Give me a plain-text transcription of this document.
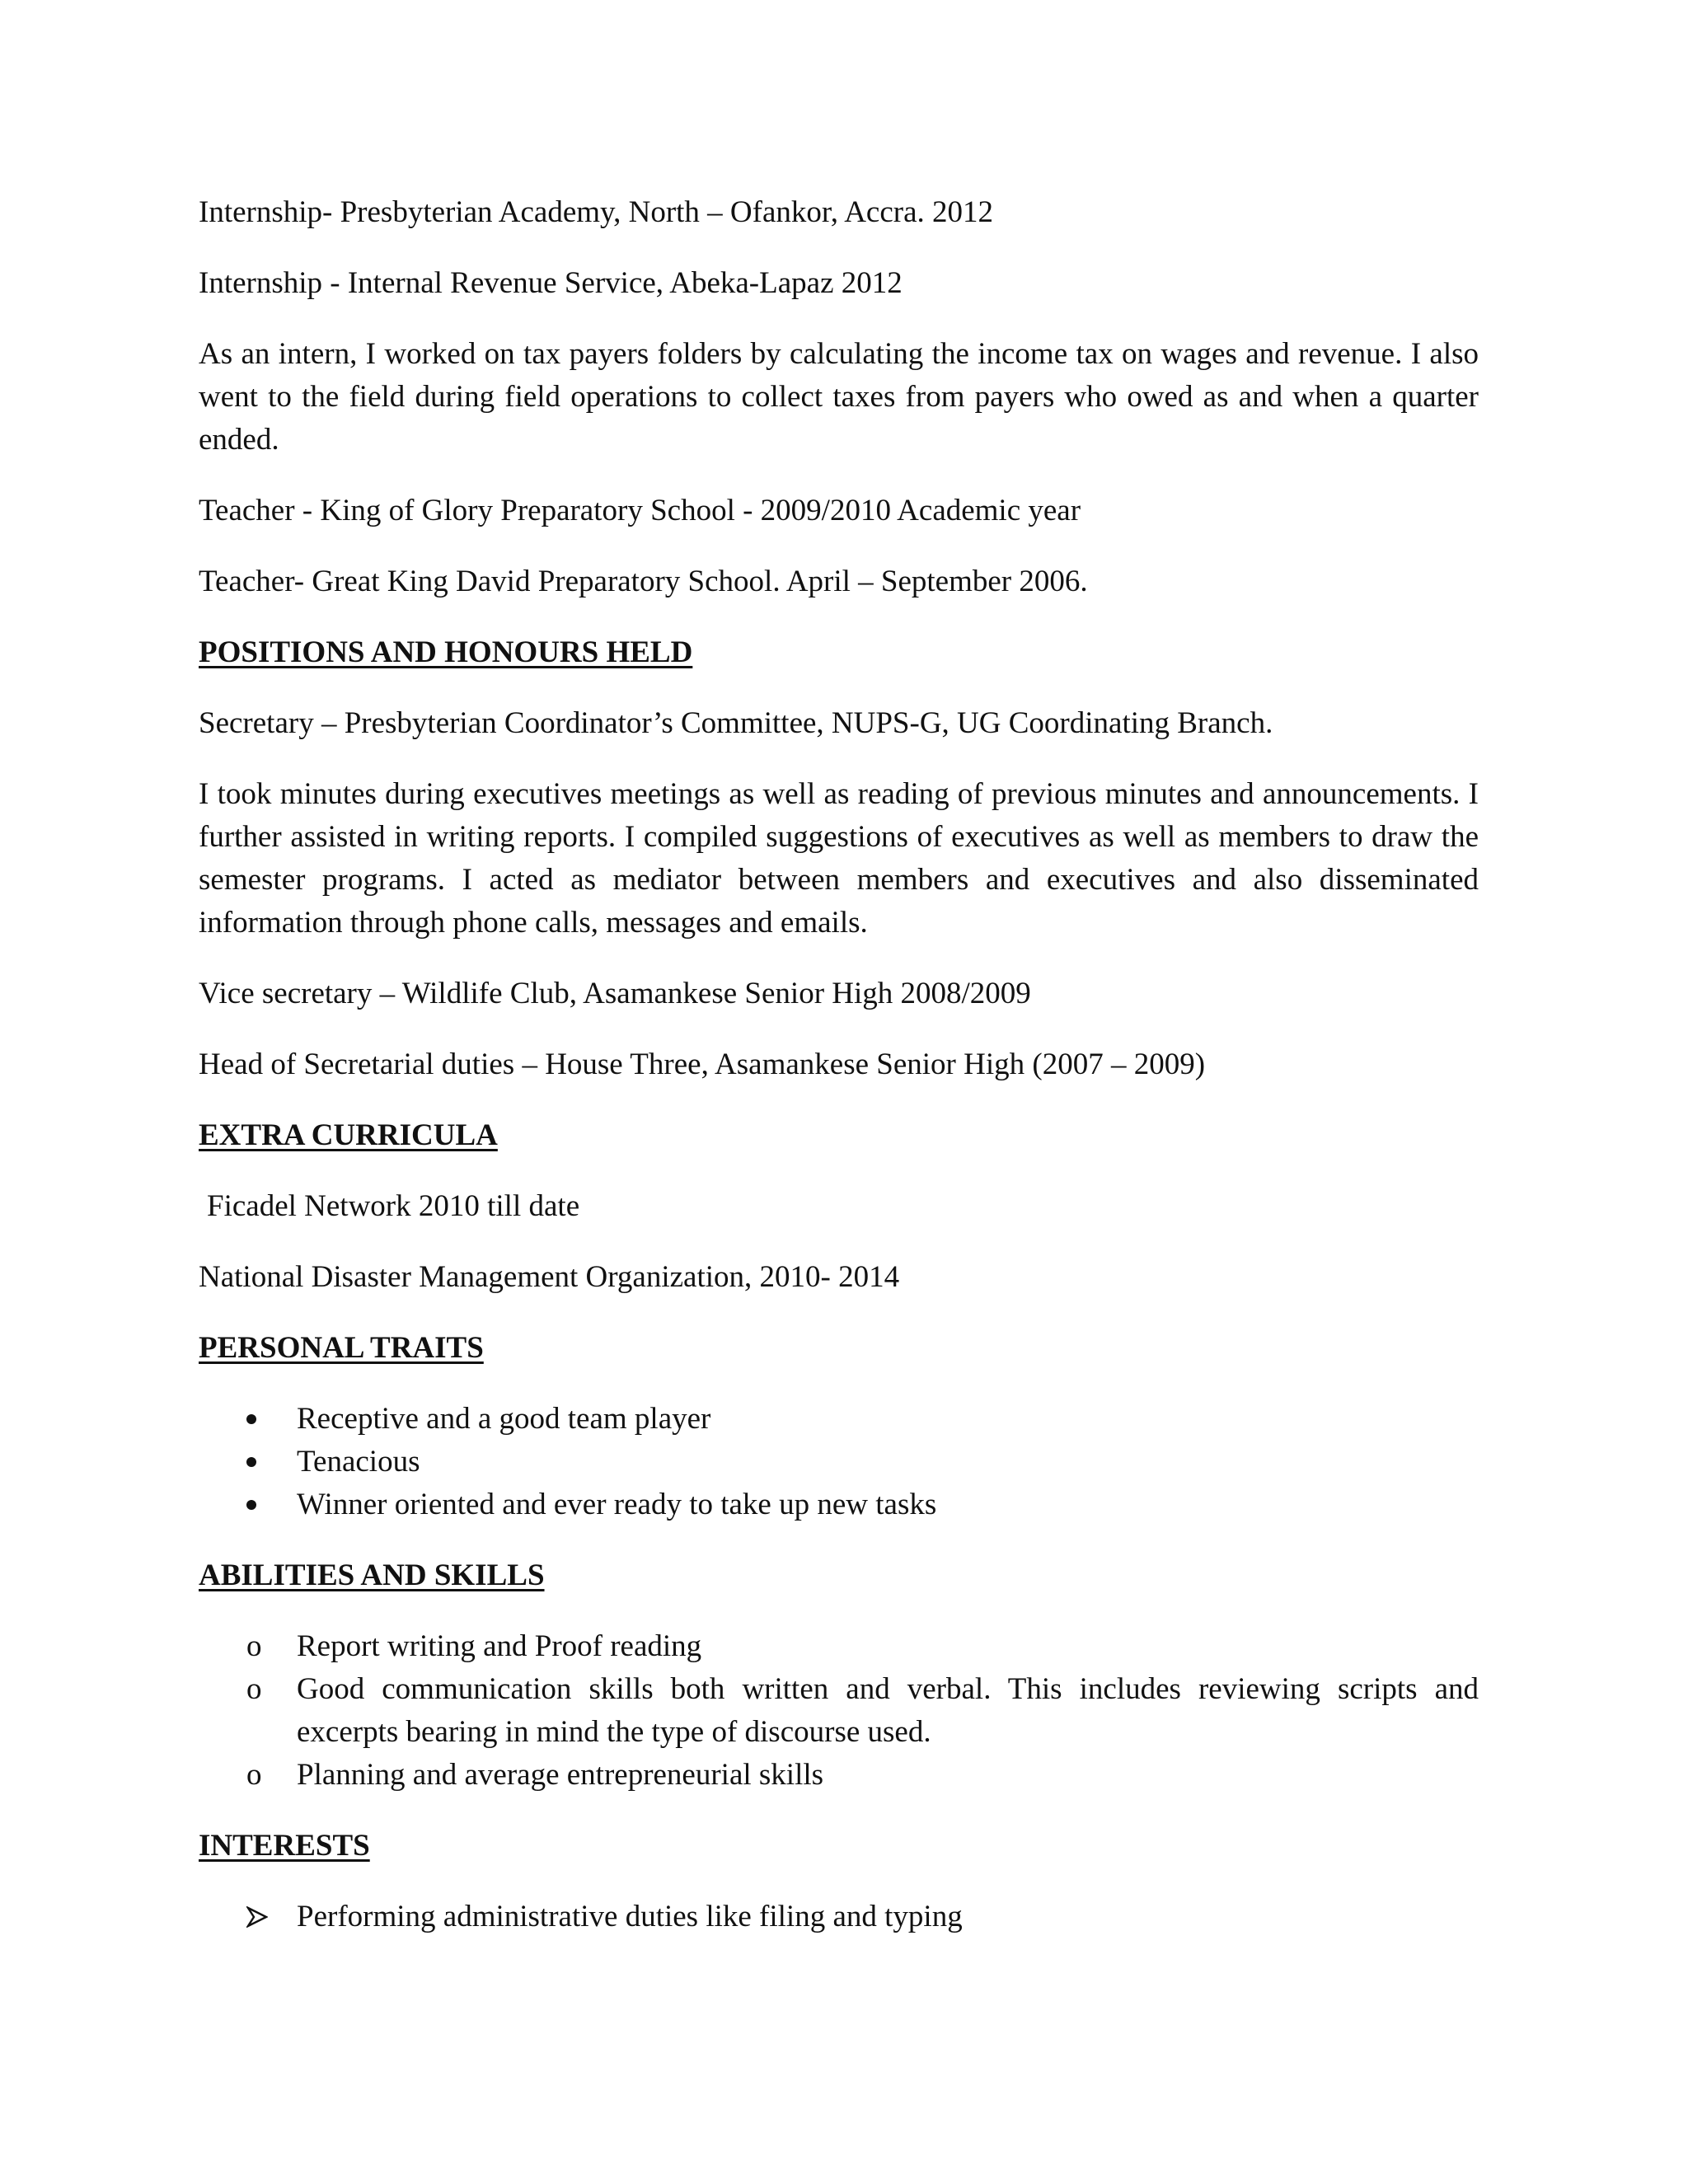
Internship- Presbyterian Academy, North – Ofankor, Accra. 2012

Internship - Internal Revenue Service, Abeka-Lapaz 2012

As an intern, I worked on tax payers folders by calculating the income tax on wages and revenue. I also went to the field during field operations to collect taxes from payers who owed as and when a quarter ended.

Teacher - King of Glory Preparatory School - 2009/2010 Academic year

Teacher- Great King David Preparatory School. April – September 2006.

POSITIONS AND HONOURS HELD

Secretary – Presbyterian Coordinator’s Committee, NUPS-G, UG Coordinating Branch.

I took minutes during executives meetings as well as reading of previous minutes and announcements. I further assisted in writing reports. I compiled suggestions of executives as well as members to draw the semester programs. I acted as mediator between members and executives and also disseminated information through phone calls, messages and emails.

Vice secretary – Wildlife Club, Asamankese Senior High 2008/2009

Head of Secretarial duties – House Three, Asamankese Senior High (2007 – 2009)

EXTRA CURRICULA

Ficadel Network 2010 till date

National Disaster Management Organization, 2010- 2014

PERSONAL TRAITS
Receptive and a good team player
Tenacious
Winner oriented and ever ready to take up new tasks
ABILITIES AND SKILLS
o	Report writing and Proof reading
o	Good communication skills both written and verbal. This includes reviewing scripts and excerpts bearing in mind the type of discourse used.
o	Planning and average entrepreneurial skills
INTERESTS
Performing administrative duties like filing and typing
